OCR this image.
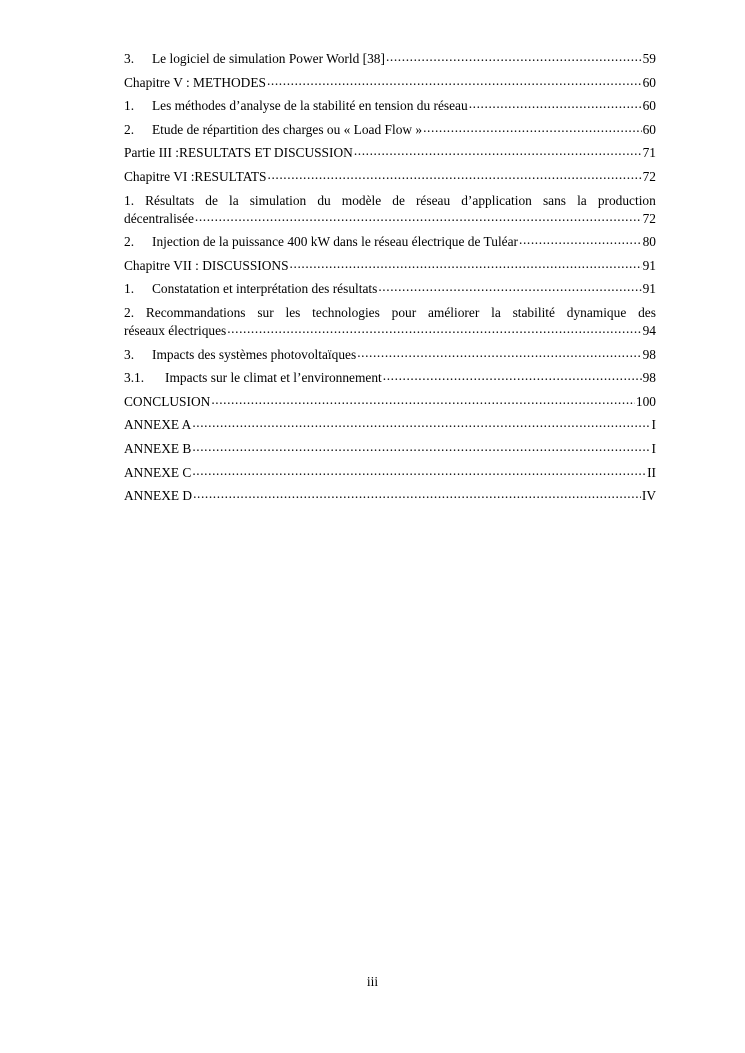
3.	Le logiciel de simulation Power World [38] .....	59
Chapitre V : METHODES .....	60
1.	Les méthodes d’analyse de la stabilité en tension du réseau .....	60
2.	Etude de répartition des charges ou « Load Flow » .....	60
Partie III :RESULTATS ET DISCUSSION .....	71
Chapitre VI :RESULTATS .....	72
1. Résultats de la simulation du modèle de réseau d’application sans la production
décentralisée .....	72
2.	Injection de la puissance 400 kW dans le réseau électrique de Tuléar .....	80
Chapitre VII : DISCUSSIONS .....	91
1.	Constatation et interprétation des résultats .....	91
2. Recommandations sur les technologies pour améliorer la stabilité dynamique des
réseaux électriques .....	94
3.	Impacts des systèmes photovoltaïques .....	98
3.1.	Impacts sur le climat et l’environnement .....	98
CONCLUSION .....	100
ANNEXE A .....	I
ANNEXE B .....	I
ANNEXE C .....	II
ANNEXE D .....	IV
iii
